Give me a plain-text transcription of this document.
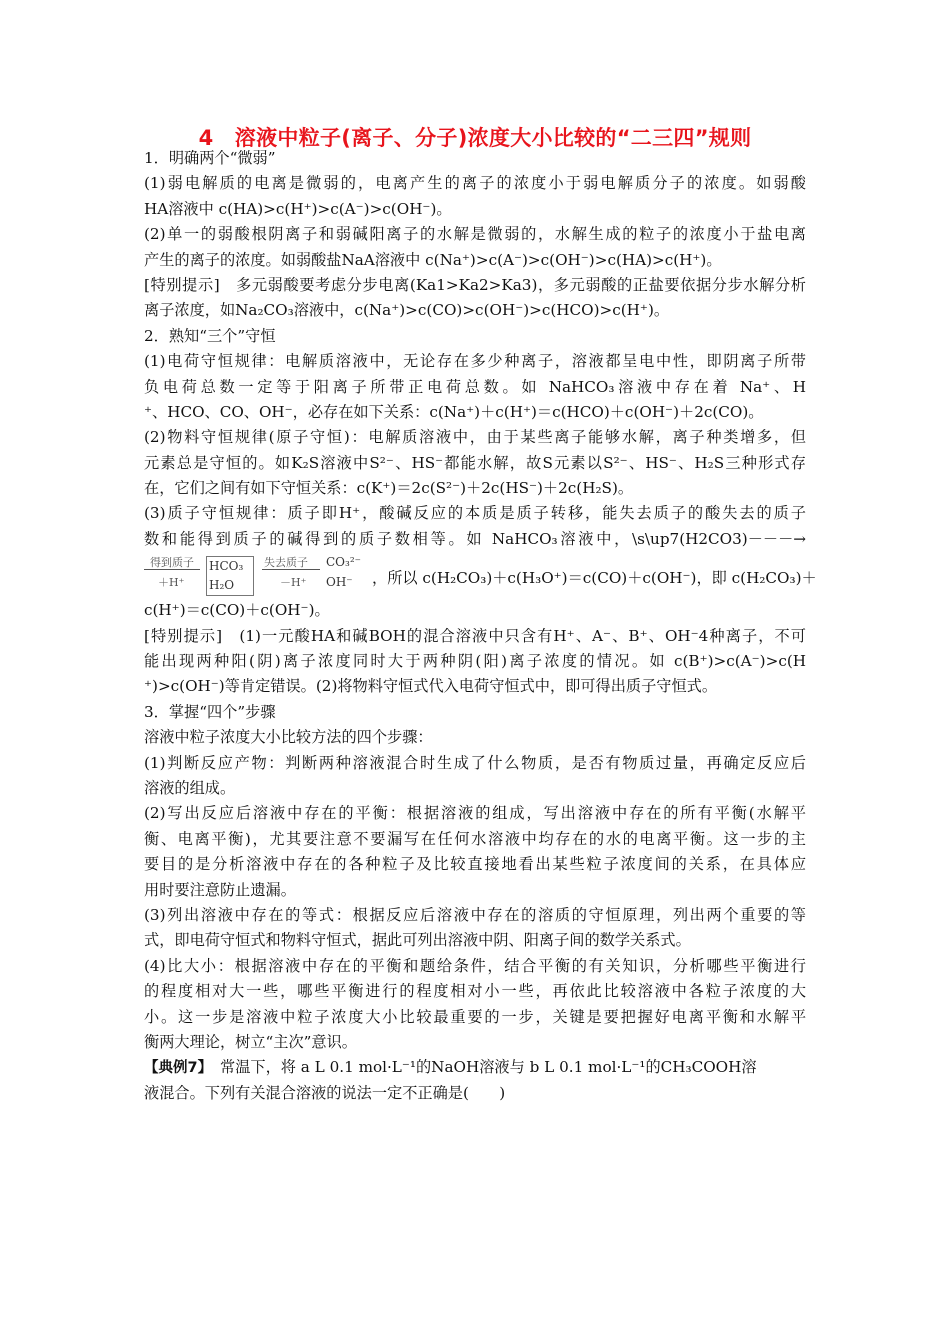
4　溶液中粒子(离子、分子)浓度大小比较的“二三四”规则
1．明确两个“微弱”
(1)弱电解质的电离是微弱的，电离产生的离子的浓度小于弱电解质分子的浓度。如弱酸
HA溶液中 c(HA)>c(H⁺)>c(A⁻)>c(OH⁻)。
(2)单一的弱酸根阴离子和弱碱阳离子的水解是微弱的，水解生成的粒子的浓度小于盐电离
产生的离子的浓度。如弱酸盐NaA溶液中 c(Na⁺)>c(A⁻)>c(OH⁻)>c(HA)>c(H⁺)。
[特别提示]　多元弱酸要考虑分步电离(Ka1>Ka2>Ka3)，多元弱酸的正盐要依据分步水解分析
离子浓度，如Na₂CO₃溶液中，c(Na⁺)>c(CO)>c(OH⁻)>c(HCO)>c(H⁺)。
2．熟知“三个”守恒
(1)电荷守恒规律：电解质溶液中，无论存在多少种离子，溶液都呈电中性，即阴离子所带
负电荷总数一定等于阳离子所带正电荷总数。如 NaHCO₃溶液中存在着 Na⁺、H
⁺、HCO、CO、OH⁻，必存在如下关系：c(Na⁺)＋c(H⁺)＝c(HCO)＋c(OH⁻)＋2c(CO)。
(2)物料守恒规律(原子守恒)：电解质溶液中，由于某些离子能够水解，离子种类增多，但
元素总是守恒的。如K₂S溶液中S²⁻、HS⁻都能水解，故S元素以S²⁻、HS⁻、H₂S三种形式存
在，它们之间有如下守恒关系：c(K⁺)＝2c(S²⁻)＋2c(HS⁻)＋2c(H₂S)。
(3)质子守恒规律：质子即H⁺，酸碱反应的本质是质子转移，能失去质子的酸失去的质子
数和能得到质子的碱得到的质子数相等。如 NaHCO₃溶液中，\s\up7(H2CO3)－－－→
得到质子
＋H⁺
HCO₃
H₂O
失去质子
－H⁺
CO₃²⁻
OH⁻ ，所以 c(H₂CO₃)＋c(H₃O⁺)＝c(CO)＋c(OH⁻)，即 c(H₂CO₃)＋
c(H⁺)＝c(CO)＋c(OH⁻)。
[特别提示]　(1)一元酸HA和碱BOH的混合溶液中只含有H⁺、A⁻、B⁺、OH⁻4种离子，不可
能出现两种阳(阴)离子浓度同时大于两种阴(阳)离子浓度的情况。如 c(B⁺)>c(A⁻)>c(H
⁺)>c(OH⁻)等肯定错误。(2)将物料守恒式代入电荷守恒式中，即可得出质子守恒式。
3．掌握“四个”步骤
溶液中粒子浓度大小比较方法的四个步骤：
(1)判断反应产物：判断两种溶液混合时生成了什么物质，是否有物质过量，再确定反应后
溶液的组成。
(2)写出反应后溶液中存在的平衡：根据溶液的组成，写出溶液中存在的所有平衡(水解平
衡、电离平衡)，尤其要注意不要漏写在任何水溶液中均存在的水的电离平衡。这一步的主
要目的是分析溶液中存在的各种粒子及比较直接地看出某些粒子浓度间的关系，在具体应
用时要注意防止遗漏。
(3)列出溶液中存在的等式：根据反应后溶液中存在的溶质的守恒原理，列出两个重要的等
式，即电荷守恒式和物料守恒式，据此可列出溶液中阴、阳离子间的数学关系式。
(4)比大小：根据溶液中存在的平衡和题给条件，结合平衡的有关知识，分析哪些平衡进行
的程度相对大一些，哪些平衡进行的程度相对小一些，再依此比较溶液中各粒子浓度的大
小。这一步是溶液中粒子浓度大小比较最重要的一步，关键是要把握好电离平衡和水解平
衡两大理论，树立“主次”意识。
【典例7】　常温下，将 a L 0.1 mol·L⁻¹的NaOH溶液与 b L 0.1 mol·L⁻¹的CH₃COOH溶
液混合。下列有关混合溶液的说法一定不正确是(　　)
